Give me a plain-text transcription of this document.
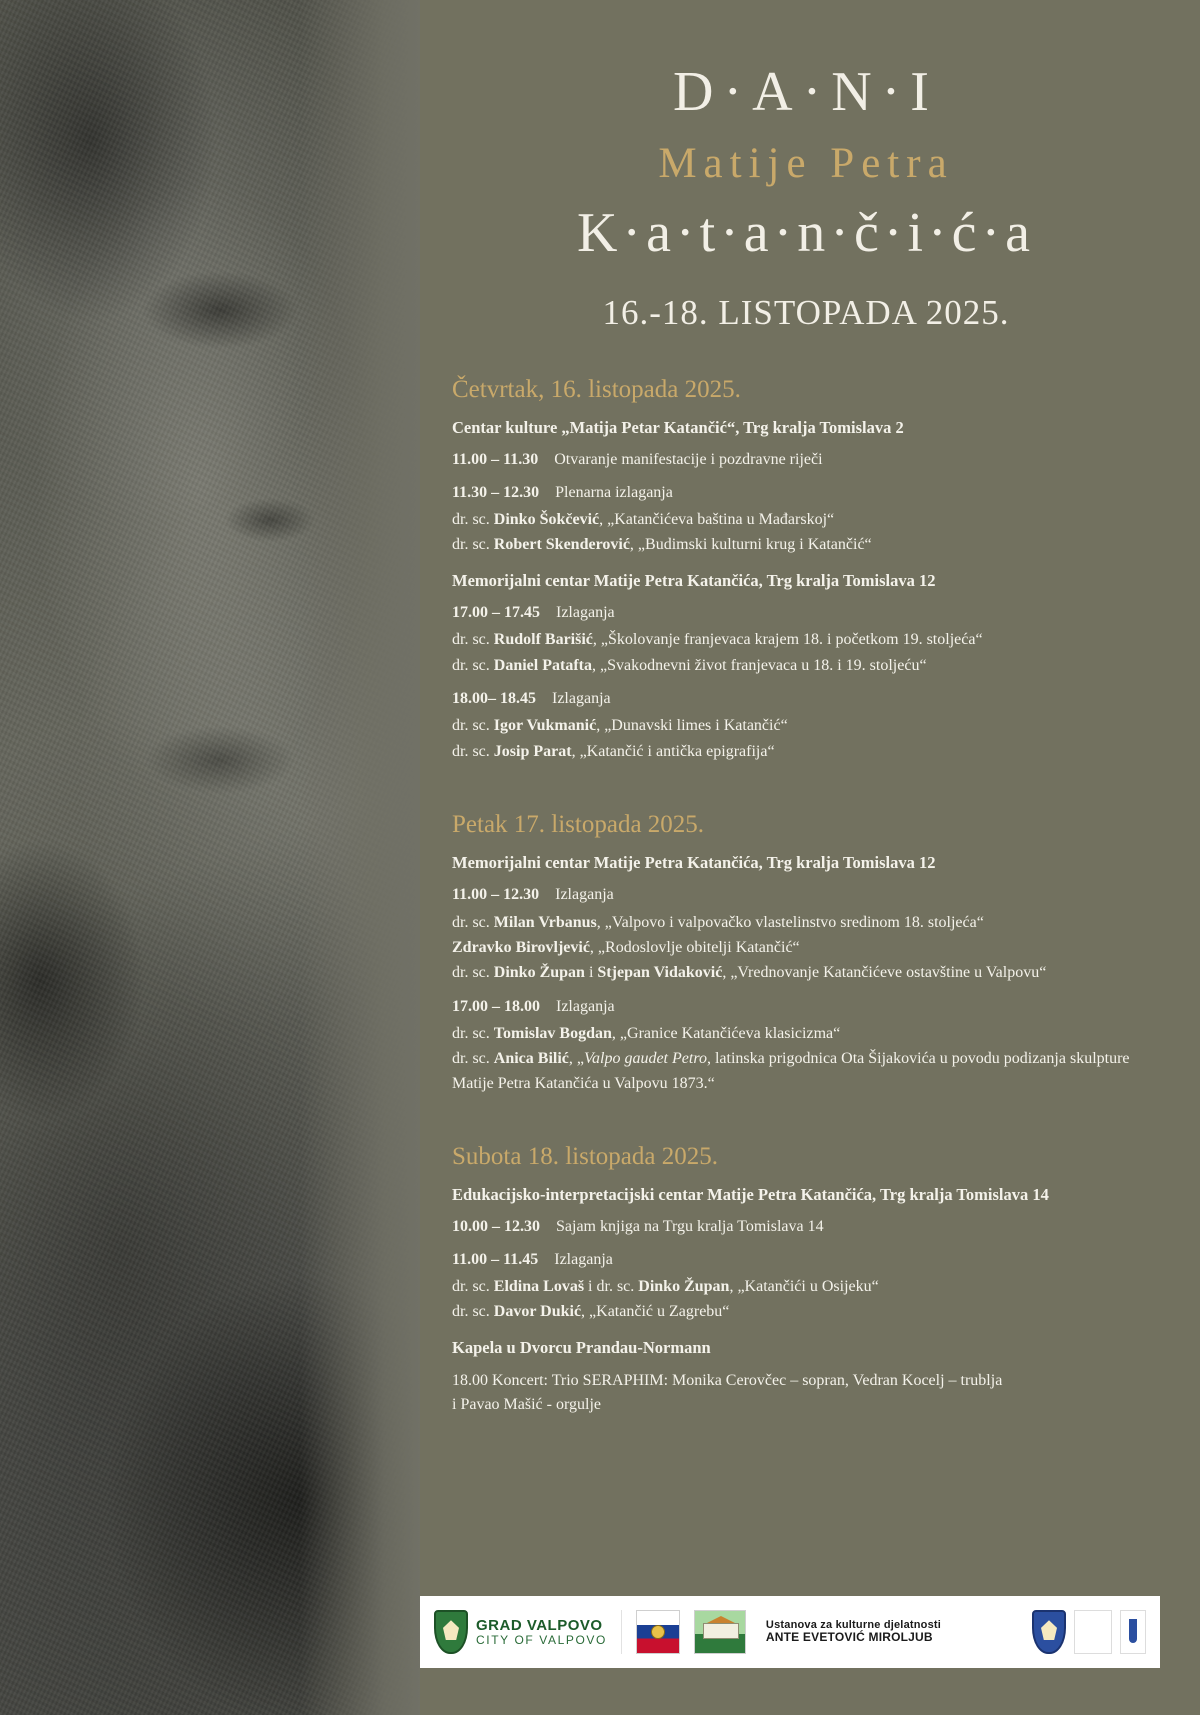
D·A·N·I
Matije Petra
K·a·t·a·n·č·i·ć·a
16.-18. LISTOPADA 2025.
Četvrtak, 16. listopada 2025.
Centar kulture „Matija Petar Katančić“, Trg kralja Tomislava 2
11.00 – 11.30 Otvaranje manifestacije i pozdravne riječi
11.30 – 12.30 Plenarna izlaganja
dr. sc. Dinko Šokčević, „Katančićeva baština u Mađarskoj“
dr. sc. Robert Skenderović, „Budimski kulturni krug i Katančić“
Memorijalni centar Matije Petra Katančića, Trg kralja Tomislava 12
17.00 – 17.45 Izlaganja
dr. sc. Rudolf Barišić, „Školovanje franjevaca krajem 18. i početkom 19. stoljeća“
dr. sc. Daniel Patafta, „Svakodnevni život franjevaca u 18. i 19. stoljeću“
18.00– 18.45 Izlaganja
dr. sc. Igor Vukmanić, „Dunavski limes i Katančić“
dr. sc. Josip Parat, „Katančić i antička epigrafija“
Petak 17. listopada 2025.
Memorijalni centar Matije Petra Katančića, Trg kralja Tomislava 12
11.00 – 12.30 Izlaganja
dr. sc. Milan Vrbanus, „Valpovo i valpovačko vlastelinstvo sredinom 18. stoljeća“
Zdravko Birovljević, „Rodoslovlje obitelji Katančić“
dr. sc. Dinko Župan i Stjepan Vidaković, „Vrednovanje Katančićeve ostavštine u Valpovu“
17.00 – 18.00 Izlaganja
dr. sc. Tomislav Bogdan, „Granice Katančićeva klasicizma“
dr. sc. Anica Bilić, „Valpo gaudet Petro, latinska prigodnica Ota Šijakovića u povodu podizanja skulpture Matije Petra Katančića u Valpovu 1873.“
Subota 18. listopada 2025.
Edukacijsko-interpretacijski centar Matije Petra Katančića, Trg kralja Tomislava 14
10.00 – 12.30 Sajam knjiga na Trgu kralja Tomislava 14
11.00 – 11.45 Izlaganja
dr. sc. Eldina Lovaš i dr. sc. Dinko Župan, „Katančići u Osijeku“
dr. sc. Davor Dukić, „Katančić u Zagrebu“
Kapela u Dvorcu Prandau-Normann
18.00 Koncert: Trio SERAPHIM: Monika Cerovčec – sopran, Vedran Kocelj – trublja
i Pavao Mašić - orgulje
GRAD VALPOVO
CITY OF VALPOVO
Ustanova za kulturne djelatnosti
ANTE EVETOVIĆ MIROLJUB
